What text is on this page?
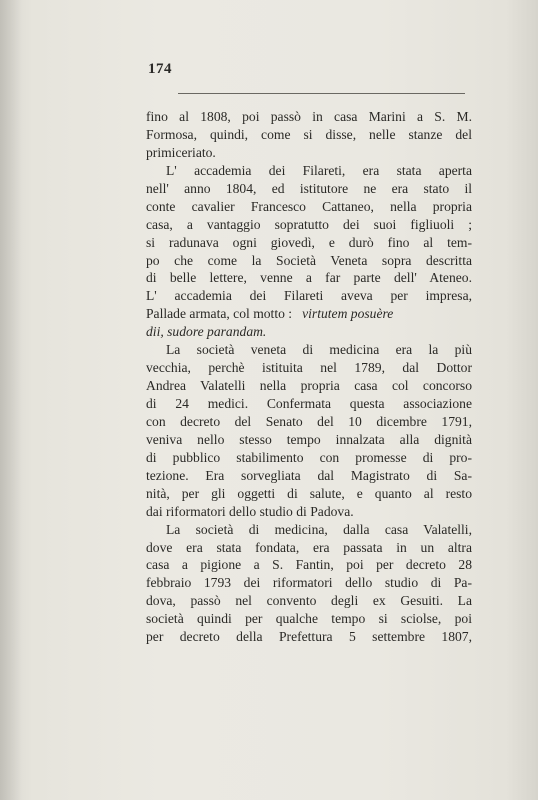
174
fino al 1808, poi passò in casa Marini a S. M.
Formosa, quindi, come si disse, nelle stanze del
primiceriato.
L' accademia dei Filareti, era stata aperta
nell' anno 1804, ed istitutore ne era stato il
conte cavalier Francesco Cattaneo, nella propria
casa, a vantaggio sopratutto dei suoi figliuoli ;
si radunava ogni giovedì, e durò fino al tem-
po che come la Società Veneta sopra descritta
di belle lettere, venne a far parte dell' Ateneo.
L' accademia dei Filareti aveva per impresa,
Pallade armata, col motto : virtutem posuère
dii, sudore parandam.
La società veneta di medicina era la più
vecchia, perchè istituita nel 1789, dal Dottor
Andrea Valatelli nella propria casa col concorso
di 24 medici. Confermata questa associazione
con decreto del Senato del 10 dicembre 1791,
veniva nello stesso tempo innalzata alla dignità
di pubblico stabilimento con promesse di pro-
tezione. Era sorvegliata dal Magistrato di Sa-
nità, per gli oggetti di salute, e quanto al resto
dai riformatori dello studio di Padova.
La società di medicina, dalla casa Valatelli,
dove era stata fondata, era passata in un altra
casa a pigione a S. Fantin, poi per decreto 28
febbraio 1793 dei riformatori dello studio di Pa-
dova, passò nel convento degli ex Gesuiti. La
società quindi per qualche tempo si sciolse, poi
per decreto della Prefettura 5 settembre 1807,
